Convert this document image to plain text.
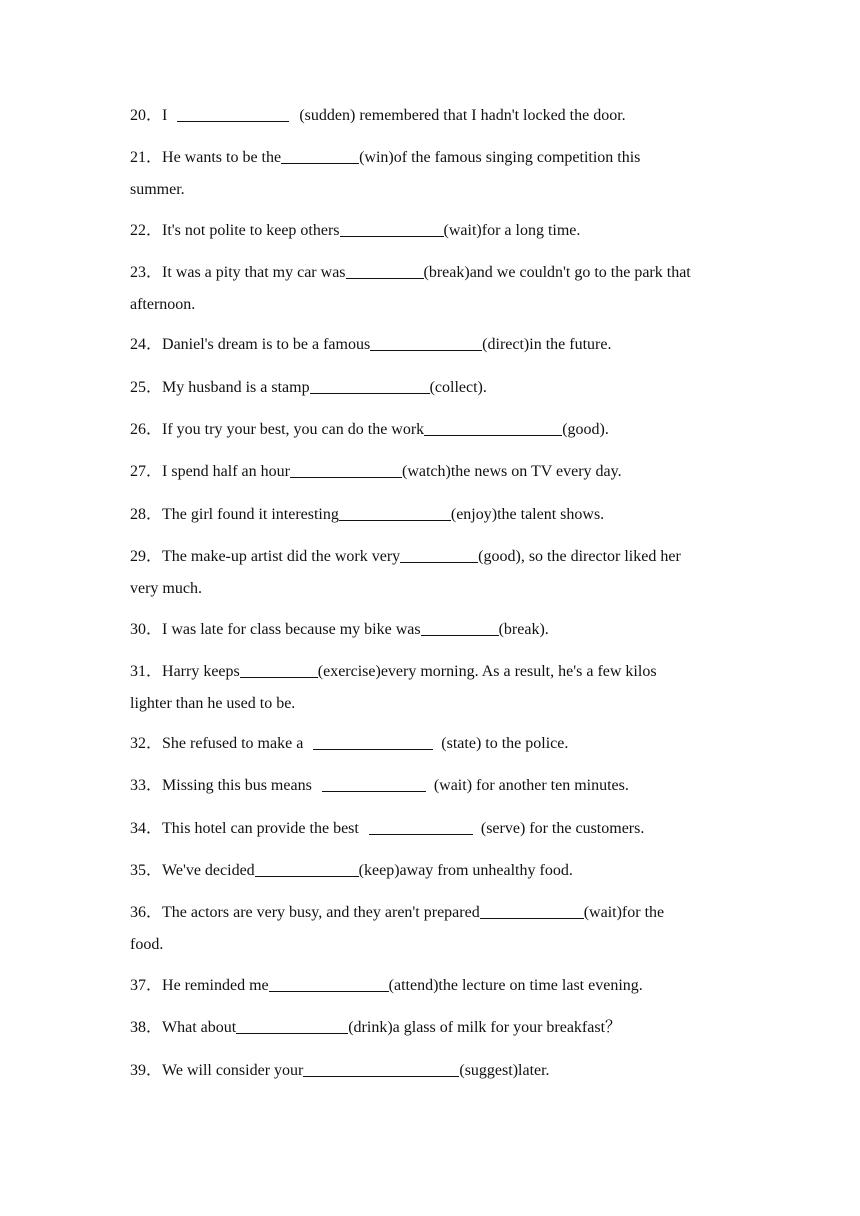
20．I	(sudden) remembered that I hadn't locked the door.
21．He wants to be the	(win)of the famous singing competition this
summer.
22．It's not polite to keep others	(wait)for a long time.
23．It was a pity that my car was	(break)and we couldn't go to the park that
afternoon.
24．Daniel's dream is to be a famous	(direct)in the future.
25．My husband is a stamp	(collect).
26．If you try your best, you can do the work	(good).
27．I spend half an hour	(watch)the news on TV every day.
28．The girl found it interesting	(enjoy)the talent shows.
29．The make-up artist did the work very	(good), so the director liked her
very much.
30．I was late for class because my bike was	(break).
31．Harry keeps	(exercise)every morning. As a result, he's a few kilos
lighter than he used to be.
32．She refused to make a	(state) to the police.
33．Missing this bus means	(wait) for another ten minutes.
34．This hotel can provide the best	(serve) for the customers.
35．We've decided	(keep)away from unhealthy food.
36．The actors are very busy, and they aren't prepared	(wait)for the
food.
37．He reminded me	(attend)the lecture on time last evening.
38．What about	(drink)a glass of milk for your breakfast？
39．We will consider your	(suggest)later.
